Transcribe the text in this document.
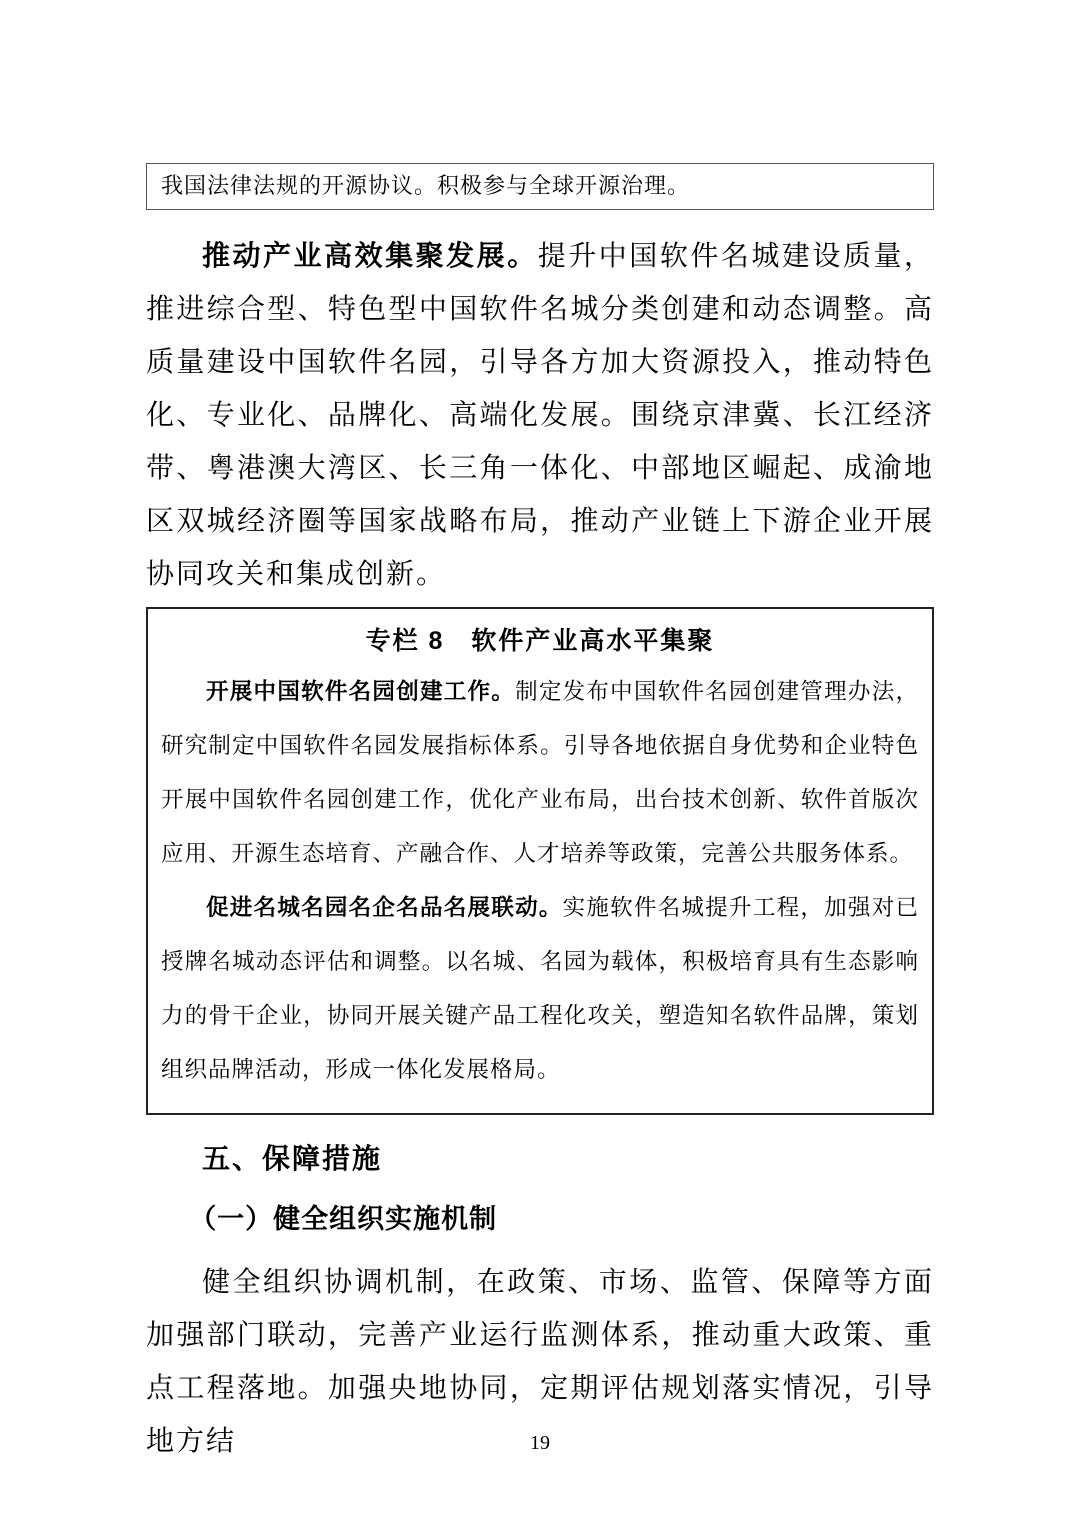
我国法律法规的开源协议。积极参与全球开源治理。

推动产业高效集聚发展。提升中国软件名城建设质量，推进综合型、特色型中国软件名城分类创建和动态调整。高质量建设中国软件名园，引导各方加大资源投入，推动特色化、专业化、品牌化、高端化发展。围绕京津冀、长江经济带、粤港澳大湾区、长三角一体化、中部地区崛起、成渝地区双城经济圈等国家战略布局，推动产业链上下游企业开展协同攻关和集成创新。

专栏 8　软件产业高水平集聚

开展中国软件名园创建工作。制定发布中国软件名园创建管理办法，研究制定中国软件名园发展指标体系。引导各地依据自身优势和企业特色开展中国软件名园创建工作，优化产业布局，出台技术创新、软件首版次应用、开源生态培育、产融合作、人才培养等政策，完善公共服务体系。

促进名城名园名企名品名展联动。实施软件名城提升工程，加强对已授牌名城动态评估和调整。以名城、名园为载体，积极培育具有生态影响力的骨干企业，协同开展关键产品工程化攻关，塑造知名软件品牌，策划组织品牌活动，形成一体化发展格局。

五、保障措施
（一）健全组织实施机制

健全组织协调机制，在政策、市场、监管、保障等方面加强部门联动，完善产业运行监测体系，推动重大政策、重点工程落地。加强央地协同，定期评估规划落实情况，引导地方结	19
